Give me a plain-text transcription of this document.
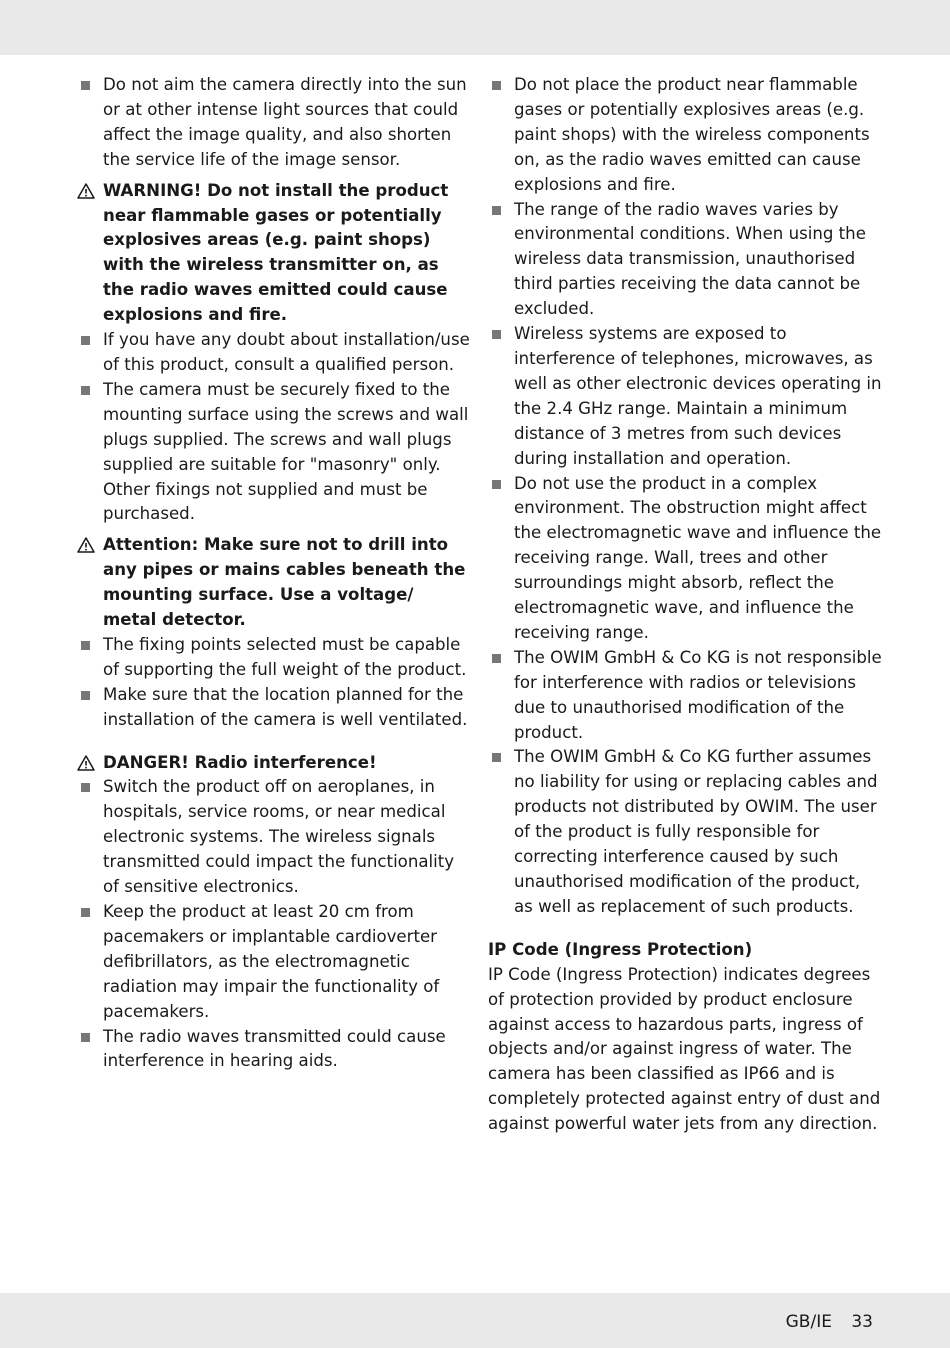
Do not aim the camera directly into the sun or at other intense light sources that could affect the image quality, and also shorten the service life of the image sensor.
WARNING! Do not install the product near flammable gases or potentially explosives areas (e.g. paint shops) with the wireless transmitter on, as the radio waves emitted could cause explosions and fire.
If you have any doubt about installation/use of this product, consult a qualified person.
The camera must be securely fixed to the mounting surface using the screws and wall plugs supplied. The screws and wall plugs supplied are suitable for "masonry" only. Other fixings not supplied and must be purchased.
Attention: Make sure not to drill into any pipes or mains cables beneath the mounting surface. Use a voltage/ metal detector.
The fixing points selected must be capable of supporting the full weight of the product.
Make sure that the location planned for the installation of the camera is well ventilated.
DANGER! Radio interference!
Switch the product off on aeroplanes, in hospitals, service rooms, or near medical electronic systems. The wireless signals transmitted could impact the functionality of sensitive electronics.
Keep the product at least 20 cm from pacemakers or implantable cardioverter defibrillators, as the electromagnetic radiation may impair the functionality of pacemakers.
The radio waves transmitted could cause interference in hearing aids.
Do not place the product near flammable gases or potentially explosives areas (e.g. paint shops) with the wireless components on, as the radio waves emitted can cause explosions and fire.
The range of the radio waves varies by environmental conditions. When using the wireless data transmission, unauthorised third parties receiving the data cannot be excluded.
Wireless systems are exposed to interference of telephones, microwaves, as well as other electronic devices operating in the 2.4 GHz range. Maintain a minimum distance of 3 metres from such devices during installation and operation.
Do not use the product in a complex environment. The obstruction might affect the electromagnetic wave and influence the receiving range. Wall, trees and other surroundings might absorb, reflect the electromagnetic wave, and influence the receiving range.
The OWIM GmbH & Co KG is not responsible for interference with radios or televisions due to unauthorised modification of the product.
The OWIM GmbH & Co KG further assumes no liability for using or replacing cables and products not distributed by OWIM. The user of the product is fully responsible for correcting interference caused by such unauthorised modification of the product, as well as replacement of such products.
IP Code (Ingress Protection)
IP Code (Ingress Protection) indicates degrees of protection provided by product enclosure against access to hazardous parts, ingress of objects and/or against ingress of water. The camera has been classified as IP66 and is completely protected against entry of dust and against powerful water jets from any direction.
GB/IE 33
